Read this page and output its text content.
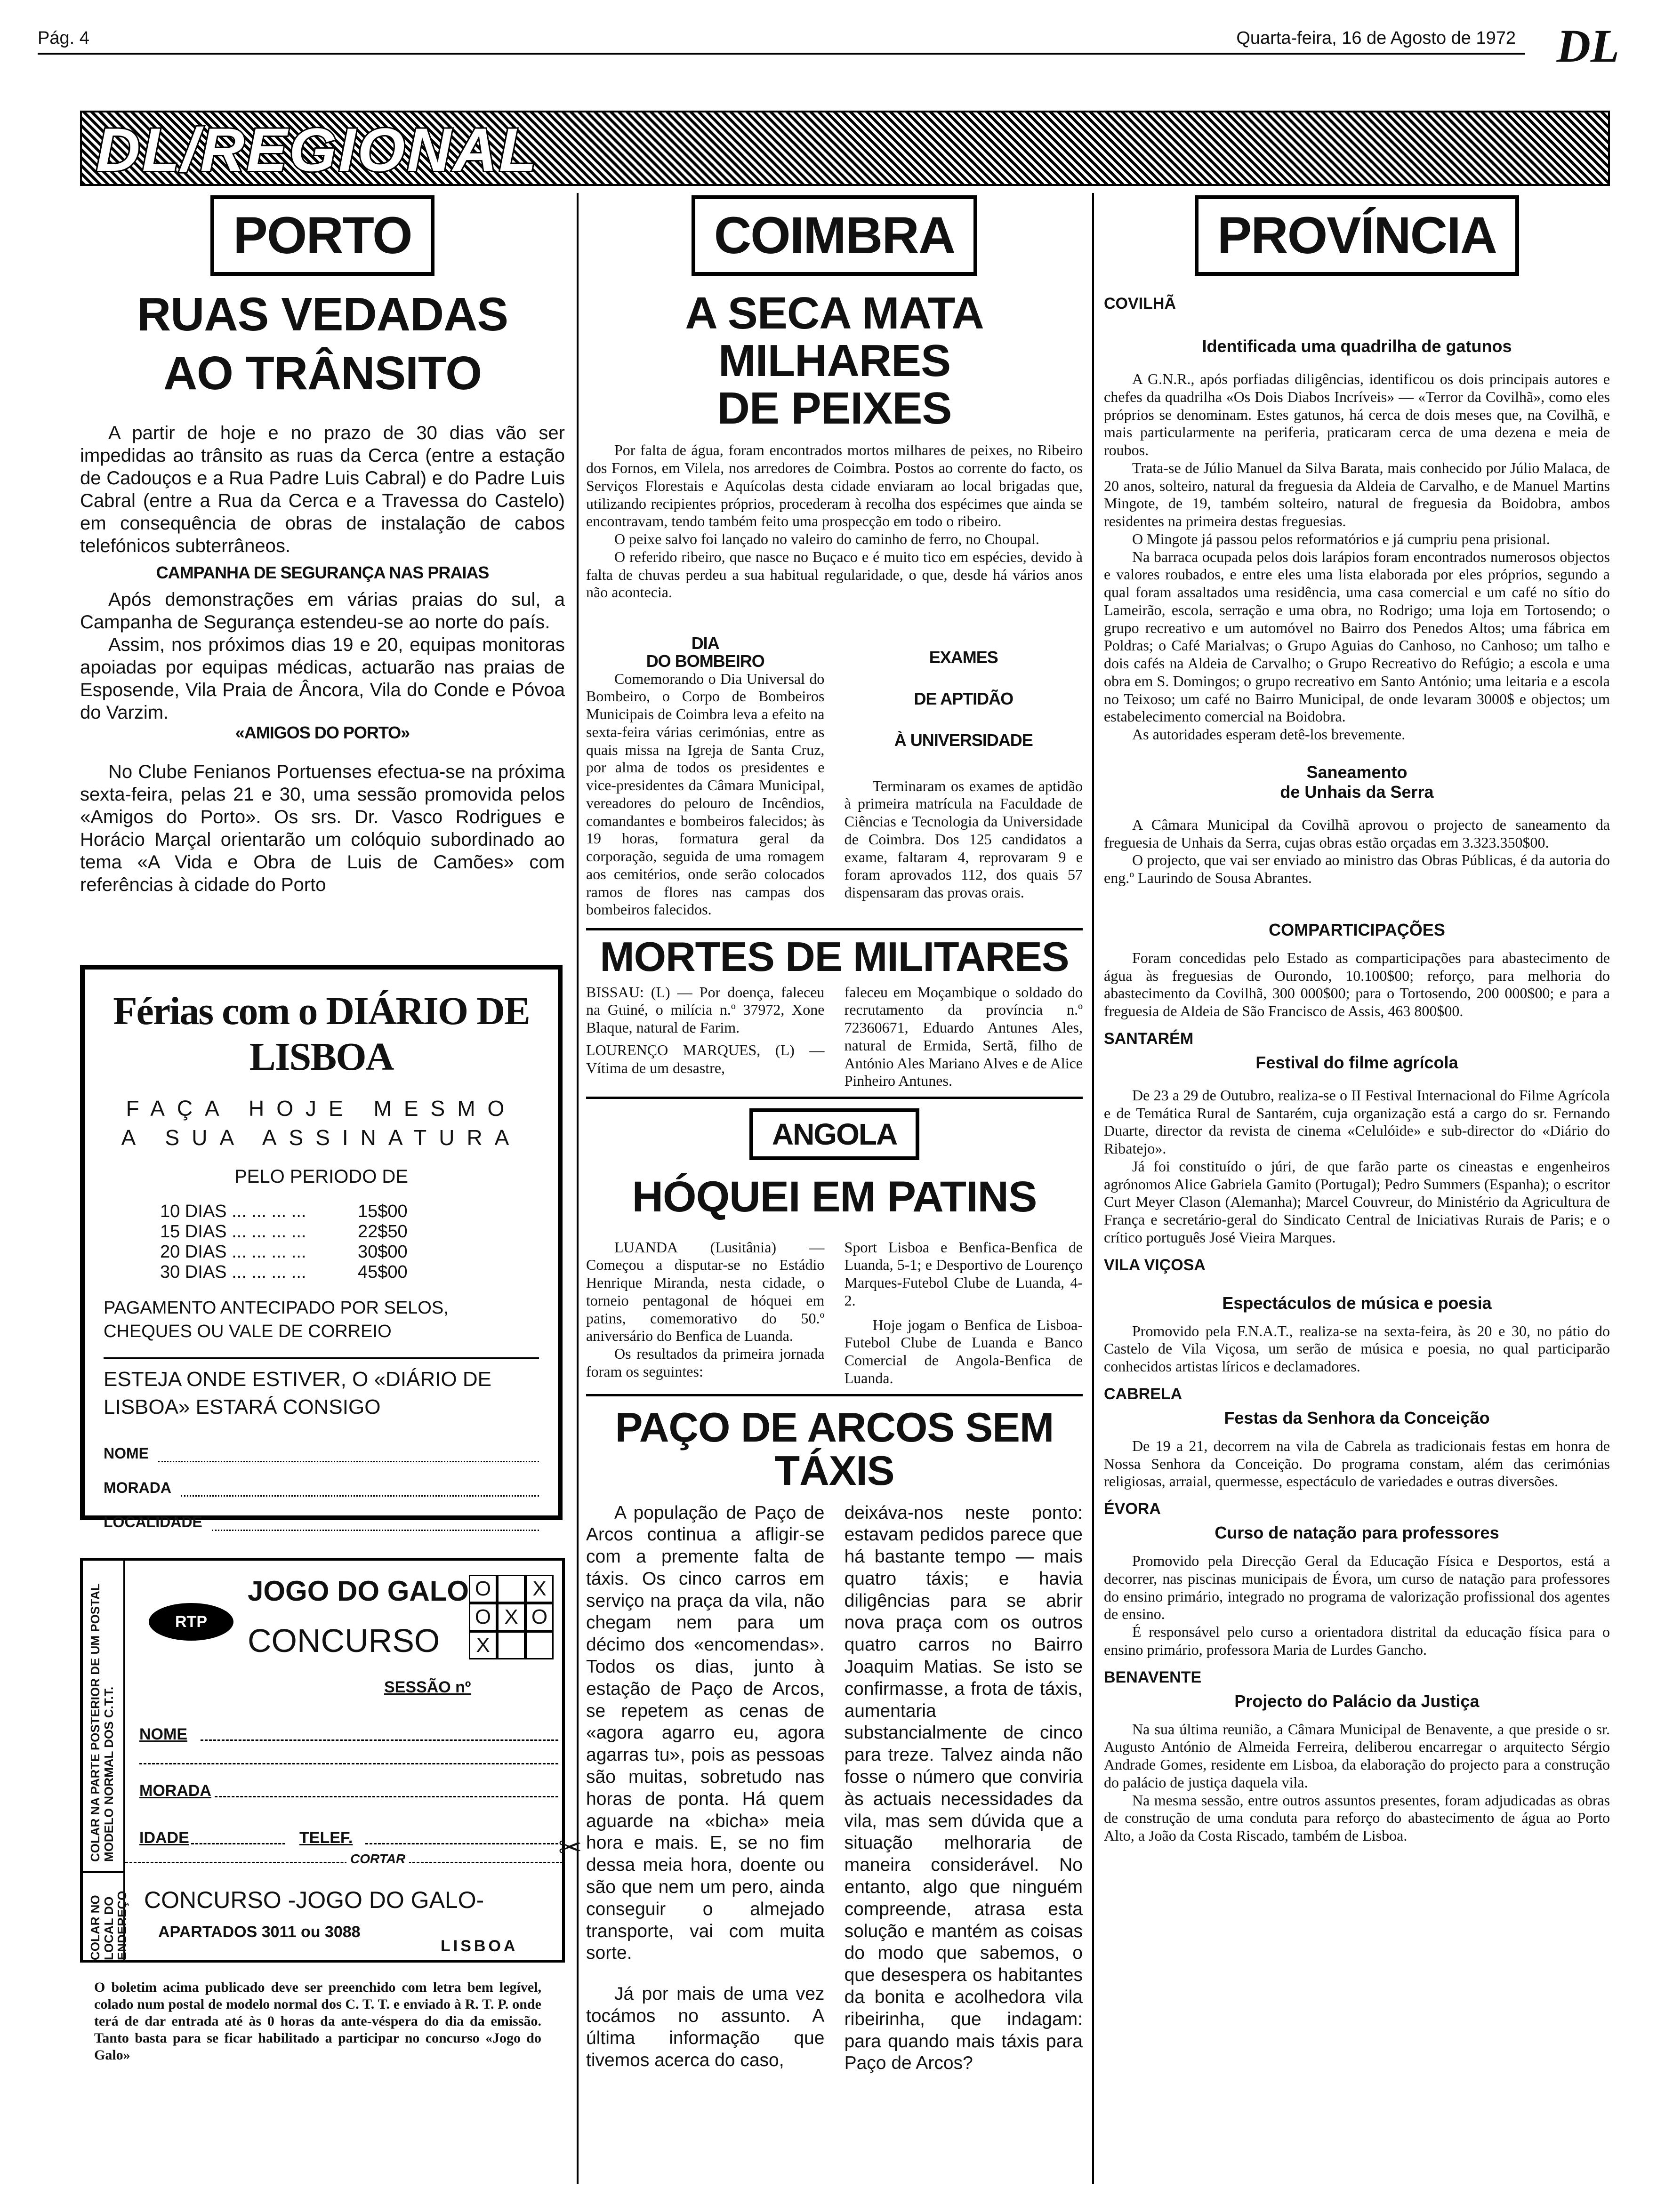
Pág. 4	Quarta-feira, 16 de Agosto de 1972 DL
DL/REGIONAL
PORTO
RUAS VEDADAS
AO TRÂNSITO

A partir de hoje e no prazo de 30 dias vão ser impedidas ao trânsito as ruas da Cerca (entre a estação de Cadouços e a Rua Padre Luis Cabral) e do Padre Luis Cabral (entre a Rua da Cerca e a Travessa do Castelo) em consequência de obras de instalação de cabos telefónicos subterrâneos.

CAMPANHA DE SEGURANÇA NAS PRAIAS

Após demonstrações em várias praias do sul, a Campanha de Segurança estendeu-se ao norte do país.

Assim, nos próximos dias 19 e 20, equipas monitoras apoiadas por equipas médicas, actuarão nas praias de Esposende, Vila Praia de Âncora, Vila do Conde e Póvoa do Varzim.

«AMIGOS DO PORTO»

No Clube Fenianos Portuenses efectua-se na próxima sexta-feira, pelas 21 e 30, uma sessão promovida pelos «Amigos do Porto». Os srs. Dr. Vasco Rodrigues e Horácio Marçal orientarão um colóquio subordinado ao tema «A Vida e Obra de Luis de Camões» com referências à cidade do Porto

Férias com o DIÁRIO DE LISBOA
FAÇA HOJE MESMO
A SUA ASSINATURA
PELO PERIODO DE
10 DIAS ... ... ... ...	15$00
15 DIAS ... ... ... ...	22$50
20 DIAS ... ... ... ...	30$00
30 DIAS ... ... ... ...	45$00
PAGAMENTO ANTECIPADO POR SELOS, CHEQUES OU VALE DE CORREIO
ESTEJA ONDE ESTIVER, O «DIÁRIO DE LISBOA» ESTARÁ CONSIGO
NOME
MORADA
LOCALIDADE
COLAR NA PARTE POSTERIOR DE UM POSTAL MODELO NORMAL DOS C.T.T.
COLAR NO LOCAL DO ENDEREÇO
RTP
JOGO DO GALO
CONCURSO
O	X
O X O
X
SESSÃO nº
NOME
MORADA
IDADE	TELEF.
CORTAR	✂
CONCURSO -JOGO DO GALO-
APARTADOS 3011 ou 3088
LISBOA
O boletim acima publicado deve ser preenchido com letra bem legível, colado num postal de modelo normal dos C. T. T. e enviado à R. T. P. onde terá de dar entrada até às 0 horas da ante-véspera do dia da emissão. Tanto basta para se ficar habilitado a participar no concurso «Jogo do Galo»
COIMBRA
A SECA MATA MILHARES
DE PEIXES

Por falta de água, foram encontrados mortos milhares de peixes, no Ribeiro dos Fornos, em Vilela, nos arredores de Coimbra. Postos ao corrente do facto, os Serviços Florestais e Aquícolas desta cidade enviaram ao local brigadas que, utilizando recipientes próprios, procederam à recolha dos espécimes que ainda se encontravam, tendo também feito uma prospecção em todo o ribeiro.

O peixe salvo foi lançado no valeiro do caminho de ferro, no Choupal.

O referido ribeiro, que nasce no Buçaco e é muito tico em espécies, devido à falta de chuvas perdeu a sua habitual regularidade, o que, desde há vários anos não acontecia.

DIA
DO BOMBEIRO

Comemorando o Dia Universal do Bombeiro, o Corpo de Bombeiros Municipais de Coimbra leva a efeito na sexta-feira várias cerimónias, entre as quais missa na Igreja de Santa Cruz, por alma de todos os presidentes e vice-presidentes da Câmara Municipal, vereadores do pelouro de Incêndios, comandantes e bombeiros falecidos; às 19 horas, formatura geral da corporação, seguida de uma romagem aos cemitérios, onde serão colocados ramos de flores nas campas dos bombeiros falecidos.

EXAMES
DE APTIDÃO
À UNIVERSIDADE

Terminaram os exames de aptidão à primeira matrícula na Faculdade de Ciências e Tecnologia da Universidade de Coimbra. Dos 125 candidatos a exame, faltaram 4, reprovaram 9 e foram aprovados 112, dos quais 57 dispensaram das provas orais.

MORTES DE MILITARES

BISSAU: (L) — Por doença, faleceu na Guiné, o milícia n.º 37972, Xone Blaque, natural de Farim.

LOURENÇO MARQUES, (L) — Vítima de um desastre,

faleceu em Moçambique o soldado do recrutamento da província n.º 72360671, Eduardo Antunes Ales, natural de Ermida, Sertã, filho de António Ales Mariano Alves e de Alice Pinheiro Antunes.

ANGOLA
HÓQUEI EM PATINS

LUANDA (Lusitânia) — Começou a disputar-se no Estádio Henrique Miranda, nesta cidade, o torneio pentagonal de hóquei em patins, comemorativo do 50.º aniversário do Benfica de Luanda.

Os resultados da primeira jornada foram os seguintes:

Sport Lisboa e Benfica-Benfica de Luanda, 5-1; e Desportivo de Lourenço Marques-Futebol Clube de Luanda, 4-2.

Hoje jogam o Benfica de Lisboa-Futebol Clube de Luanda e Banco Comercial de Angola-Benfica de Luanda.

PAÇO DE ARCOS SEM TÁXIS

A população de Paço de Arcos continua a afligir-se com a premente falta de táxis. Os cinco carros em serviço na praça da vila, não chegam nem para um décimo dos «encomendas». Todos os dias, junto à estação de Paço de Arcos, se repetem as cenas de «agora agarro eu, agora agarras tu», pois as pessoas são muitas, sobretudo nas horas de ponta. Há quem aguarde na «bicha» meia hora e mais. E, se no fim dessa meia hora, doente ou são que nem um pero, ainda conseguir o almejado transporte, vai com muita sorte.

Já por mais de uma vez tocámos no assunto. A última informação que tivemos acerca do caso,

deixáva-nos neste ponto: estavam pedidos parece que há bastante tempo — mais quatro táxis; e havia diligências para se abrir nova praça com os outros quatro carros no Bairro Joaquim Matias. Se isto se confirmasse, a frota de táxis, aumentaria substancialmente de cinco para treze. Talvez ainda não fosse o número que conviria às actuais necessidades da vila, mas sem dúvida que a situação melhoraria de maneira considerável. No entanto, algo que ninguém compreende, atrasa esta solução e mantém as coisas do modo que sabemos, o que desespera os habitantes da bonita e acolhedora vila ribeirinha, que indagam: para quando mais táxis para Paço de Arcos?

PROVÍNCIA
COVILHÃ
Identificada uma quadrilha de gatunos

A G.N.R., após porfiadas diligências, identificou os dois principais autores e chefes da quadrilha «Os Dois Diabos Incríveis» — «Terror da Covilhã», como eles próprios se denominam. Estes gatunos, há cerca de dois meses que, na Covilhã, e mais particularmente na periferia, praticaram cerca de uma dezena e meia de roubos.

Trata-se de Júlio Manuel da Silva Barata, mais conhecido por Júlio Malaca, de 20 anos, solteiro, natural da freguesia da Aldeia de Carvalho, e de Manuel Martins Mingote, de 19, também solteiro, natural de freguesia da Boidobra, ambos residentes na primeira destas freguesias.

O Mingote já passou pelos reformatórios e já cumpriu pena prisional.

Na barraca ocupada pelos dois larápios foram encontrados numerosos objectos e valores roubados, e entre eles uma lista elaborada por eles próprios, segundo a qual foram assaltados uma residência, uma casa comercial e um café no sítio do Lameirão, escola, serração e uma obra, no Rodrigo; uma loja em Tortosendo; o grupo recreativo e um automóvel no Bairro dos Penedos Altos; uma fábrica em Poldras; o Café Marialvas; o Grupo Aguias do Canhoso, no Canhoso; um talho e dois cafés na Aldeia de Carvalho; o Grupo Recreativo do Refúgio; a escola e uma obra em S. Domingos; o grupo recreativo em Santo António; uma leitaria e a escola no Teixoso; um café no Bairro Municipal, de onde levaram 3000$ e objectos; um estabelecimento comercial na Boidobra.

As autoridades esperam detê-los brevemente.

Saneamento
de Unhais da Serra

A Câmara Municipal da Covilhã aprovou o projecto de saneamento da freguesia de Unhais da Serra, cujas obras estão orçadas em 3.323.350$00.

O projecto, que vai ser enviado ao ministro das Obras Públicas, é da autoria do eng.º Laurindo de Sousa Abrantes.

COMPARTICIPAÇÕES

Foram concedidas pelo Estado as comparticipações para abastecimento de água às freguesias de Ourondo, 10.100$00; reforço, para melhoria do abastecimento da Covilhã, 300 000$00; para o Tortosendo, 200 000$00; e para a freguesia de Aldeia de São Francisco de Assis, 463 800$00.

SANTARÉM
Festival do filme agrícola

De 23 a 29 de Outubro, realiza-se o II Festival Internacional do Filme Agrícola e de Temática Rural de Santarém, cuja organização está a cargo do sr. Fernando Duarte, director da revista de cinema «Celulóide» e sub-director do «Diário do Ribatejo».

Já foi constituído o júri, de que farão parte os cineastas e engenheiros agrónomos Alice Gabriela Gamito (Portugal); Pedro Summers (Espanha); o escritor Curt Meyer Clason (Alemanha); Marcel Couvreur, do Ministério da Agricultura de França e secretário-geral do Sindicato Central de Iniciativas Rurais de Paris; e o crítico português José Vieira Marques.

VILA VIÇOSA
Espectáculos de música e poesia

Promovido pela F.N.A.T., realiza-se na sexta-feira, às 20 e 30, no pátio do Castelo de Vila Viçosa, um serão de música e poesia, no qual participarão conhecidos artistas líricos e declamadores.

CABRELA
Festas da Senhora da Conceição

De 19 a 21, decorrem na vila de Cabrela as tradicionais festas em honra de Nossa Senhora da Conceição. Do programa constam, além das cerimónias religiosas, arraial, quermesse, espectáculo de variedades e outras diversões.

ÉVORA
Curso de natação para professores

Promovido pela Direcção Geral da Educação Física e Desportos, está a decorrer, nas piscinas municipais de Évora, um curso de natação para professores do ensino primário, integrado no programa de valorização profissional dos agentes de ensino.

É responsável pelo curso a orientadora distrital da educação física para o ensino primário, professora Maria de Lurdes Gancho.

BENAVENTE
Projecto do Palácio da Justiça

Na sua última reunião, a Câmara Municipal de Benavente, a que preside o sr. Augusto António de Almeida Ferreira, deliberou encarregar o arquitecto Sérgio Andrade Gomes, residente em Lisboa, da elaboração do projecto para a construção do palácio de justiça daquela vila.

Na mesma sessão, entre outros assuntos presentes, foram adjudicadas as obras de construção de uma conduta para reforço do abastecimento de água ao Porto Alto, a João da Costa Riscado, também de Lisboa.
